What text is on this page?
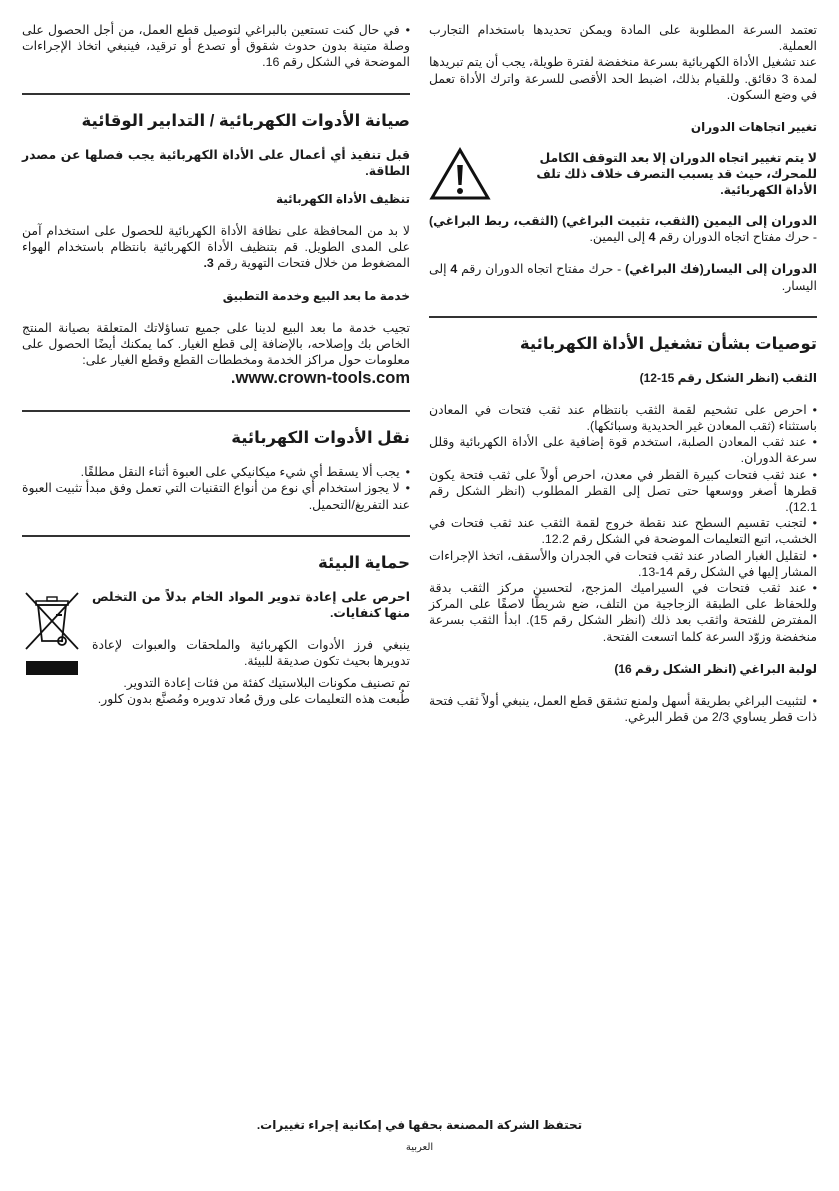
تعتمد السرعة المطلوبة على المادة ويمكن تحديدها باستخدام التجارب العملية.

عند تشغيل الأداة الكهربائية بسرعة منخفضة لفترة طويلة، يجب أن يتم تبريدها لمدة 3 دقائق. وللقيام بذلك، اضبط الحد الأقصى للسرعة واترك الأداة تعمل في وضع السكون.

تغيير اتجاهات الدوران

لا يتم تغيير اتجاه الدوران إلا بعد التوقف الكامل للمحرك، حيث قد يسبب التصرف خلاف ذلك تلف الأداة الكهربائية.

الدوران إلى اليمين (الثقب، تثبيت البراغي) (الثقب، ربط البراغي) - حرك مفتاح اتجاه الدوران رقم 4 إلى اليمين.

الدوران إلى اليسار(فك البراغي) - حرك مفتاح اتجاه الدوران رقم 4 إلى اليسار.

توصيات بشأن تشغيل الأداة الكهربائية

الثقب (انظر الشكل رقم 15-12)

•احرص على تشحيم لقمة الثقب بانتظام عند ثقب فتحات في المعادن باستثناء (ثقب المعادن غير الحديدية وسبائكها).
•عند ثقب المعادن الصلبة، استخدم قوة إضافية على الأداة الكهربائية وقلل سرعة الدوران.
•عند ثقب فتحات كبيرة القطر في معدن، احرص أولاً على ثقب فتحة يكون قطرها أصغر ووسعها حتى تصل إلى القطر المطلوب (انظر الشكل رقم 12.1).
•لتجنب تقسيم السطح عند نقطة خروج لقمة الثقب عند ثقب فتحات في الخشب، اتبع التعليمات الموضحة في الشكل رقم 12.2.
•لتقليل الغبار الصادر عند ثقب فتحات في الجدران والأسقف، اتخذ الإجراءات المشار إليها في الشكل رقم 14-13.
•عند ثقب فتحات في السيراميك المزجج، لتحسين مركز الثقب بدقة وللحفاظ على الطبقة الزجاجية من التلف، ضع شريطًا لاصقًا على المركز المفترض للفتحة واثقب بعد ذلك (انظر الشكل رقم 15). ابدأ الثقب بسرعة منخفضة وزوّد السرعة كلما اتسعت الفتحة.

لولبة البراغي (انظر الشكل رقم 16)

•لتثبيت البراغي بطريقة أسهل ولمنع تشقق قطع العمل، ينبغي أولاً ثقب فتحة ذات قطر يساوي 2/3 من قطر البرغي.
•في حال كنت تستعين بالبراغي لتوصيل قطع العمل، من أجل الحصول على وصلة متينة بدون حدوث شقوق أو تصدع أو ترقيد، فينبغي اتخاذ الإجراءات الموضحة في الشكل رقم 16.
صيانة الأدوات الكهربائية / التدابير الوقائية

قبل تنفيذ أي أعمال على الأداة الكهربائية يجب فصلها عن مصدر الطاقة.

تنظيف الأداة الكهربائية

لا بد من المحافظة على نظافة الأداة الكهربائية للحصول على استخدام آمن على المدى الطويل. قم بتنظيف الأداة الكهربائية بانتظام باستخدام الهواء المضغوط من خلال فتحات التهوية رقم 3.

خدمة ما بعد البيع وخدمة التطبيق

تجيب خدمة ما بعد البيع لدينا على جميع تساؤلاتك المتعلقة بصيانة المنتج الخاص بك وإصلاحه، بالإضافة إلى قطع الغيار. كما يمكنك أيضًا الحصول على معلومات حول مراكز الخدمة ومخططات القطع وقطع الغيار على:

.www.crown-tools.com

نقل الأدوات الكهربائية
•يجب ألا يسقط أي شيء ميكانيكي على العبوة أثناء النقل مطلقًا.
•لا يجوز استخدام أي نوع من أنواع التقنيات التي تعمل وفق مبدأ تثبيت العبوة عند التفريغ/التحميل.
حماية البيئة

احرص على إعادة تدوير المواد الخام بدلاً من التخلص منها كنفايات.

ينبغي فرز الأدوات الكهربائية والملحقات والعبوات لإعادة تدويرها بحيث تكون صديقة للبيئة.

تم تصنيف مكونات البلاستيك كفئة من فئات إعادة التدوير.

طُبعت هذه التعليمات على ورق مُعاد تدويره ومُصنَّع بدون كلور.

تحتفظ الشركة المصنعة بحقها في إمكانية إجراء تغييرات.

العربية
